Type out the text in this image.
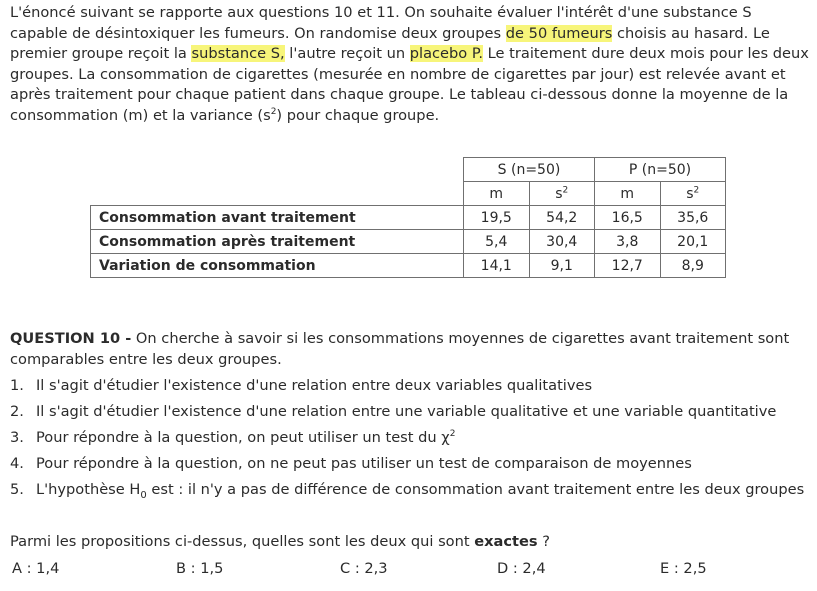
L'énoncé suivant se rapporte aux questions 10 et 11. On souhaite évaluer l'intérêt d'une substance S capable de désintoxiquer les fumeurs. On randomise deux groupes de 50 fumeurs choisis au hasard. Le premier groupe reçoit la substance S, l'autre reçoit un placebo P. Le traitement dure deux mois pour les deux groupes. La consommation de cigarettes (mesurée en nombre de cigarettes par jour) est relevée avant et après traitement pour chaque patient dans chaque groupe. Le tableau ci-dessous donne la moyenne de la consommation (m) et la variance $(s^2)$ pour chaque groupe.

	S (n=50)		P (n=50)	
	m	$s^2$	m	$s^2$
Consommation avant traitement	19,5	54,2	16,5	35,6
Consommation après traitement	5,4	30,4	3,8	20,1
Variation de consommation	14,1	9,1	12,7	8,9

QUESTION 10 - On cherche à savoir si les consommations moyennes de cigarettes avant traitement sont comparables entre les deux groupes.

1. Il s'agit d'étudier l'existence d'une relation entre deux variables qualitatives
2. Il s'agit d'étudier l'existence d'une relation entre une variable qualitative et une variable quantitative
3. Pour répondre à la question, on peut utiliser un test du $\chi^2$
4. Pour répondre à la question, on ne peut pas utiliser un test de comparaison de moyennes
5. L'hypothèse $H_0$ est : il n'y a pas de différence de consommation avant traitement entre les deux groupes

Parmi les propositions ci-dessus, quelles sont les deux qui sont exactes ?

A : 1,4	B : 1,5	C : 2,3	D : 2,4	E : 2,5
